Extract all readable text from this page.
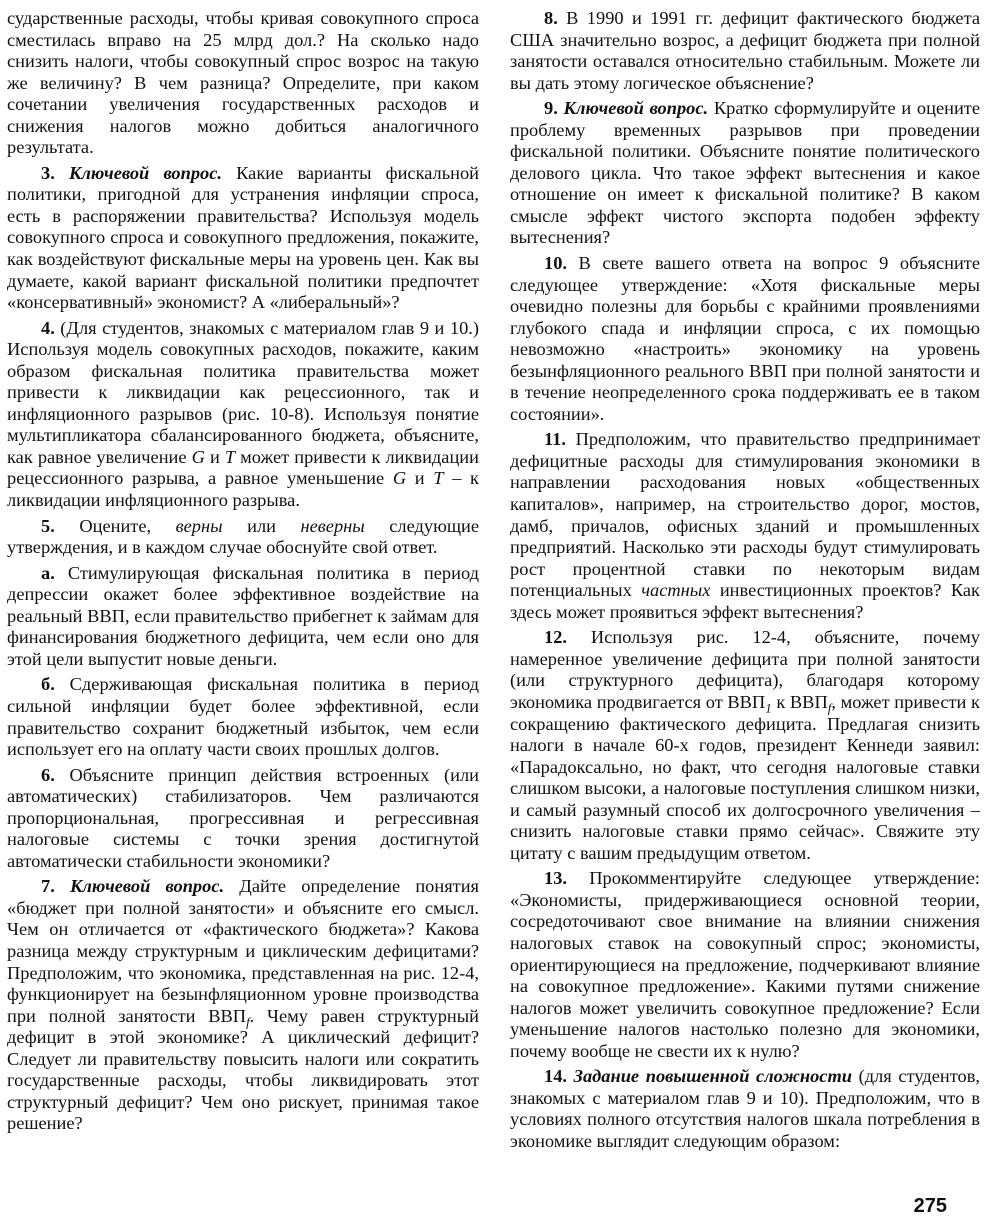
сударственные расходы, чтобы кривая совокупного спроса сместилась вправо на 25 млрд дол.? На сколько надо снизить налоги, чтобы совокупный спрос возрос на такую же величину? В чем разница? Определите, при каком сочетании увеличения государственных расходов и снижения налогов можно добиться аналогичного результата.

3. Ключевой вопрос. Какие варианты фискальной политики, пригодной для устранения инфляции спроса, есть в распоряжении правительства? Используя модель совокупного спроса и совокупного предложения, покажите, как воздействуют фискальные меры на уровень цен. Как вы думаете, какой вариант фискальной политики предпочтет «консервативный» экономист? А «либеральный»?

4. (Для студентов, знакомых с материалом глав 9 и 10.) Используя модель совокупных расходов, покажите, каким образом фискальная политика правительства может привести к ликвидации как рецессионного, так и инфляционного разрывов (рис. 10-8). Используя понятие мультипликатора сбалансированного бюджета, объясните, как равное увеличение G и T может привести к ликвидации рецессионного разрыва, а равное уменьшение G и T – к ликвидации инфляционного разрыва.

5. Оцените, верны или неверны следующие утверждения, и в каждом случае обоснуйте свой ответ.

а. Стимулирующая фискальная политика в период депрессии окажет более эффективное воздействие на реальный ВВП, если правительство прибегнет к займам для финансирования бюджетного дефицита, чем если оно для этой цели выпустит новые деньги.

б. Сдерживающая фискальная политика в период сильной инфляции будет более эффективной, если правительство сохранит бюджетный избыток, чем если использует его на оплату части своих прошлых долгов.

6. Объясните принцип действия встроенных (или автоматических) стабилизаторов. Чем различаются пропорциональная, прогрессивная и регрессивная налоговые системы с точки зрения достигнутой автоматически стабильности экономики?

7. Ключевой вопрос. Дайте определение понятия «бюджет при полной занятости» и объясните его смысл. Чем он отличается от «фактического бюджета»? Какова разница между структурным и циклическим дефицитами? Предположим, что экономика, представленная на рис. 12-4, функционирует на безынфляционном уровне производства при полной занятости $ВВП_f$. Чему равен структурный дефицит в этой экономике? А циклический дефицит? Следует ли правительству повысить налоги или сократить государственные расходы, чтобы ликвидировать этот структурный дефицит? Чем оно рискует, принимая такое решение?

8. В 1990 и 1991 гг. дефицит фактического бюджета США значительно возрос, а дефицит бюджета при полной занятости оставался относительно стабильным. Можете ли вы дать этому логическое объяснение?

9. Ключевой вопрос. Кратко сформулируйте и оцените проблему временных разрывов при проведении фискальной политики. Объясните понятие политического делового цикла. Что такое эффект вытеснения и какое отношение он имеет к фискальной политике? В каком смысле эффект чистого экспорта подобен эффекту вытеснения?

10. В свете вашего ответа на вопрос 9 объясните следующее утверждение: «Хотя фискальные меры очевидно полезны для борьбы с крайними проявлениями глубокого спада и инфляции спроса, с их помощью невозможно «настроить» экономику на уровень безынфляционного реального ВВП при полной занятости и в течение неопределенного срока поддерживать ее в таком состоянии».

11. Предположим, что правительство предпринимает дефицитные расходы для стимулирования экономики в направлении расходования новых «общественных капиталов», например, на строительство дорог, мостов, дамб, причалов, офисных зданий и промышленных предприятий. Насколько эти расходы будут стимулировать рост процентной ставки по некоторым видам потенциальных частных инвестиционных проектов? Как здесь может проявиться эффект вытеснения?

12. Используя рис. 12-4, объясните, почему намеренное увеличение дефицита при полной занятости (или структурного дефицита), благодаря которому экономика продвигается от $ВВП_1$ к $ВВП_f$, может привести к сокращению фактического дефицита. Предлагая снизить налоги в начале 60-х годов, президент Кеннеди заявил: «Парадоксально, но факт, что сегодня налоговые ставки слишком высоки, а налоговые поступления слишком низки, и самый разумный способ их долгосрочного увеличения – снизить налоговые ставки прямо сейчас». Свяжите эту цитату с вашим предыдущим ответом.

13. Прокомментируйте следующее утверждение: «Экономисты, придерживающиеся основной теории, сосредоточивают свое внимание на влиянии снижения налоговых ставок на совокупный спрос; экономисты, ориентирующиеся на предложение, подчеркивают влияние на совокупное предложение». Какими путями снижение налогов может увеличить совокупное предложение? Если уменьшение налогов настолько полезно для экономики, почему вообще не свести их к нулю?

14. Задание повышенной сложности (для студентов, знакомых с материалом глав 9 и 10). Предположим, что в условиях полного отсутствия налогов шкала потребления в экономике выглядит следующим образом:

275
